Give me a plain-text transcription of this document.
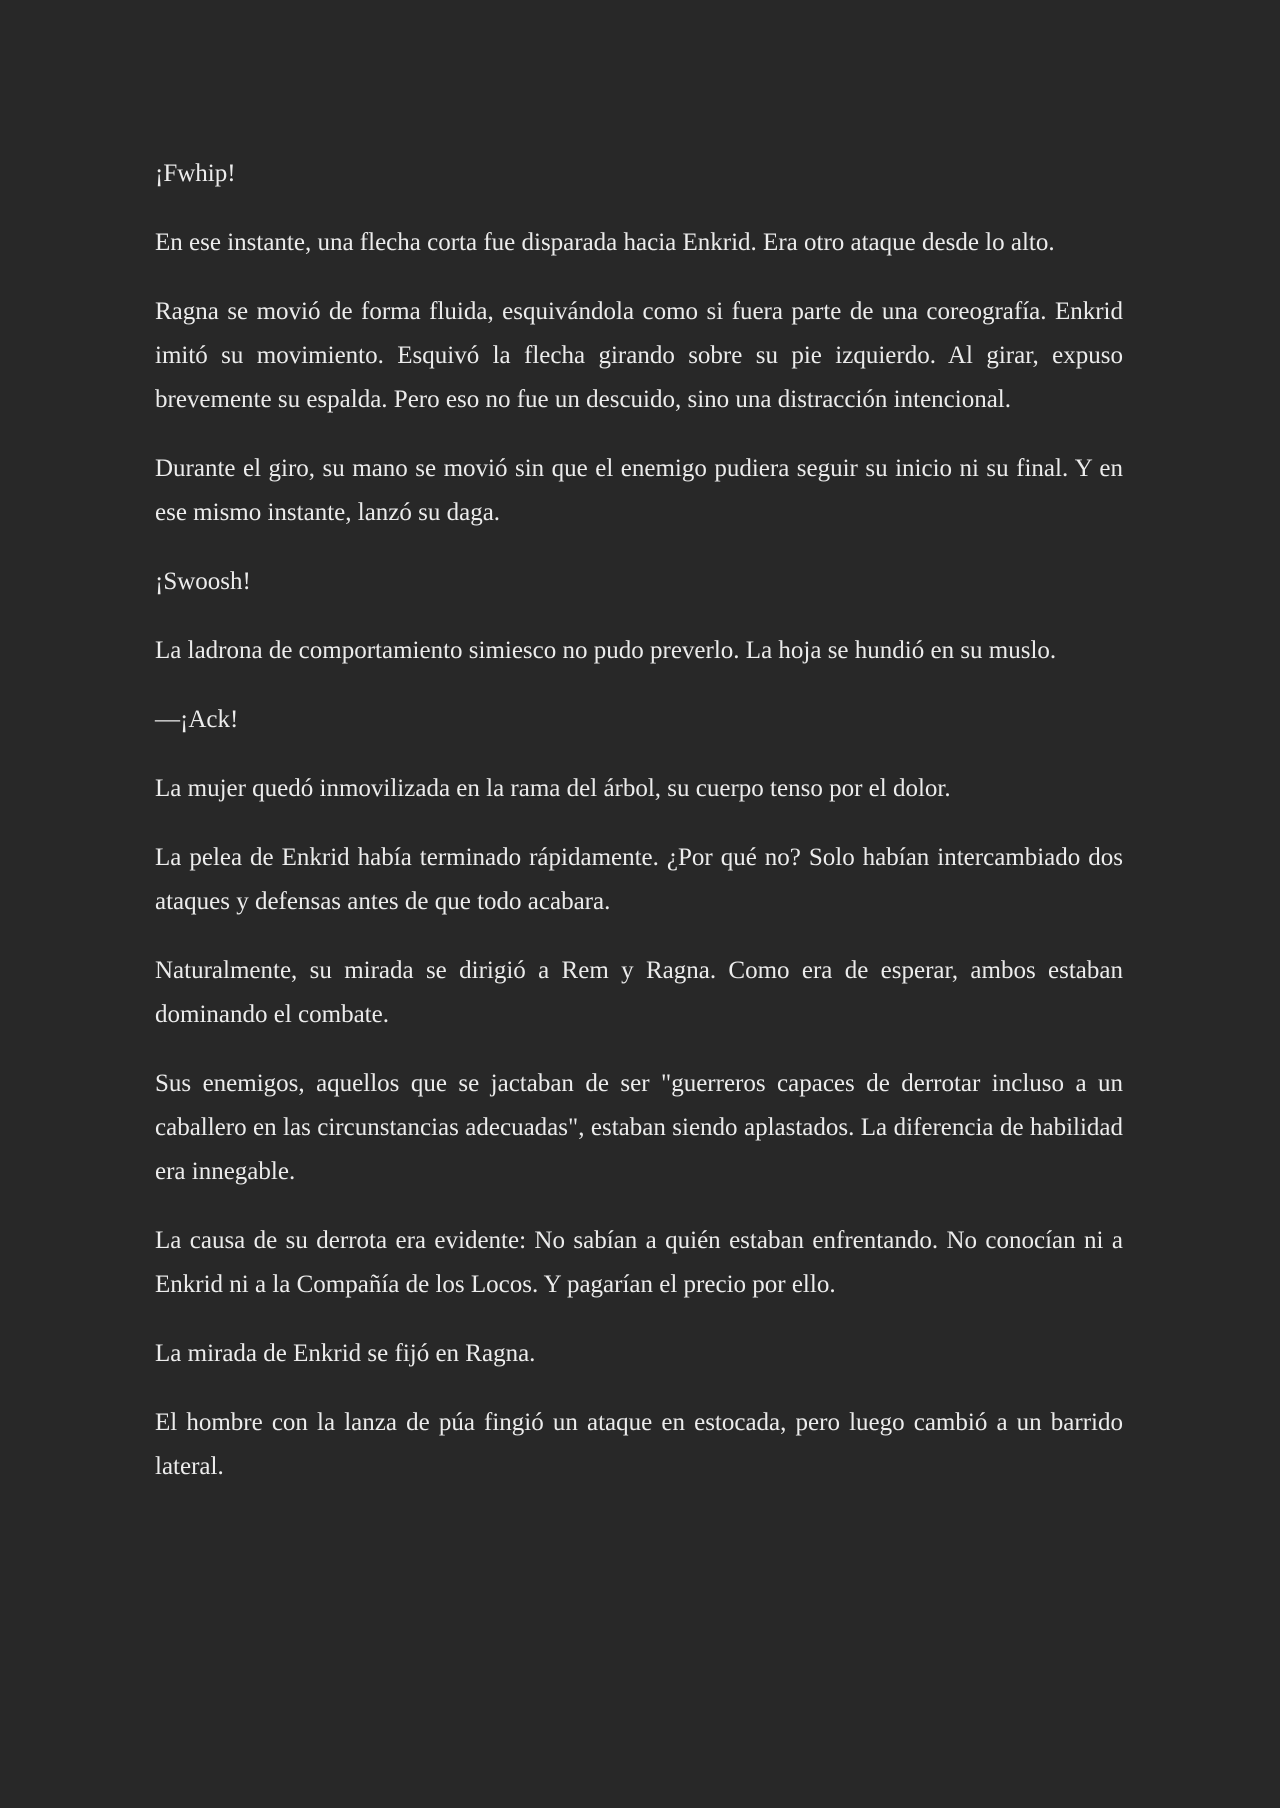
¡Fwhip!

En ese instante, una flecha corta fue disparada hacia Enkrid. Era otro ataque desde lo alto.

Ragna se movió de forma fluida, esquivándola como si fuera parte de una coreografía. Enkrid imitó su movimiento. Esquivó la flecha girando sobre su pie izquierdo. Al girar, expuso brevemente su espalda. Pero eso no fue un descuido, sino una distracción intencional.

Durante el giro, su mano se movió sin que el enemigo pudiera seguir su inicio ni su final. Y en ese mismo instante, lanzó su daga.

¡Swoosh!

La ladrona de comportamiento simiesco no pudo preverlo. La hoja se hundió en su muslo.

—¡Ack!

La mujer quedó inmovilizada en la rama del árbol, su cuerpo tenso por el dolor.

La pelea de Enkrid había terminado rápidamente. ¿Por qué no? Solo habían intercambiado dos ataques y defensas antes de que todo acabara.

Naturalmente, su mirada se dirigió a Rem y Ragna. Como era de esperar, ambos estaban dominando el combate.

Sus enemigos, aquellos que se jactaban de ser "guerreros capaces de derrotar incluso a un caballero en las circunstancias adecuadas", estaban siendo aplastados. La diferencia de habilidad era innegable.

La causa de su derrota era evidente: No sabían a quién estaban enfrentando. No conocían ni a Enkrid ni a la Compañía de los Locos. Y pagarían el precio por ello.

La mirada de Enkrid se fijó en Ragna.

El hombre con la lanza de púa fingió un ataque en estocada, pero luego cambió a un barrido lateral.
